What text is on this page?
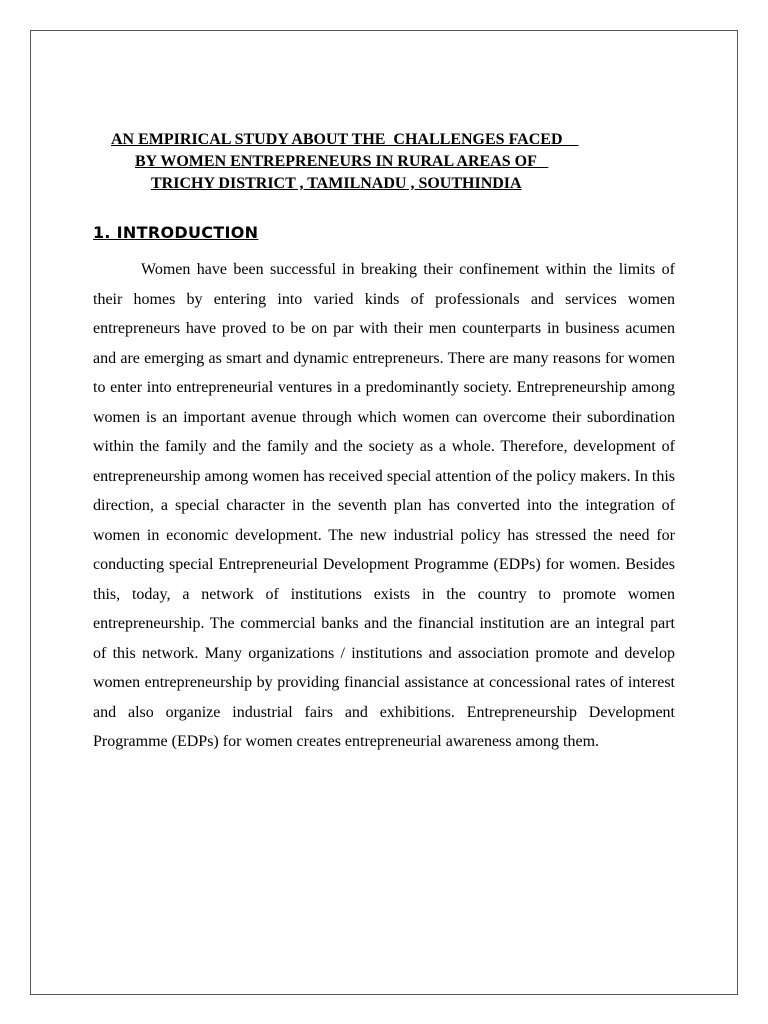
AN EMPIRICAL STUDY ABOUT THE  CHALLENGES FACED
BY WOMEN ENTREPRENEURS IN RURAL AREAS OF
TRICHY DISTRICT , TAMILNADU , SOUTHINDIA
1. INTRODUCTION

Women have been successful in breaking their confinement within the limits of their homes by entering into varied kinds of professionals and services women entrepreneurs have proved to be on par with their men counterparts in business acumen and are emerging as smart and dynamic entrepreneurs. There are many reasons for women to enter into entrepreneurial ventures in a predominantly society. Entrepreneurship among women is an important avenue through which women can overcome their subordination within the family and the family and the society as a whole. Therefore, development of entrepreneurship among women has received special attention of the policy makers. In this direction, a special character in the seventh plan has converted into the integration of women in economic development. The new industrial policy has stressed the need for conducting special Entrepreneurial Development Programme (EDPs) for women. Besides this, today, a network of institutions exists in the country to promote women entrepreneurship. The commercial banks and the financial institution are an integral part of this network. Many organizations / institutions and association promote and develop women entrepreneurship by providing financial assistance at concessional rates of interest and also organize industrial fairs and exhibitions. Entrepreneurship Development Programme (EDPs) for women creates entrepreneurial awareness among them.
